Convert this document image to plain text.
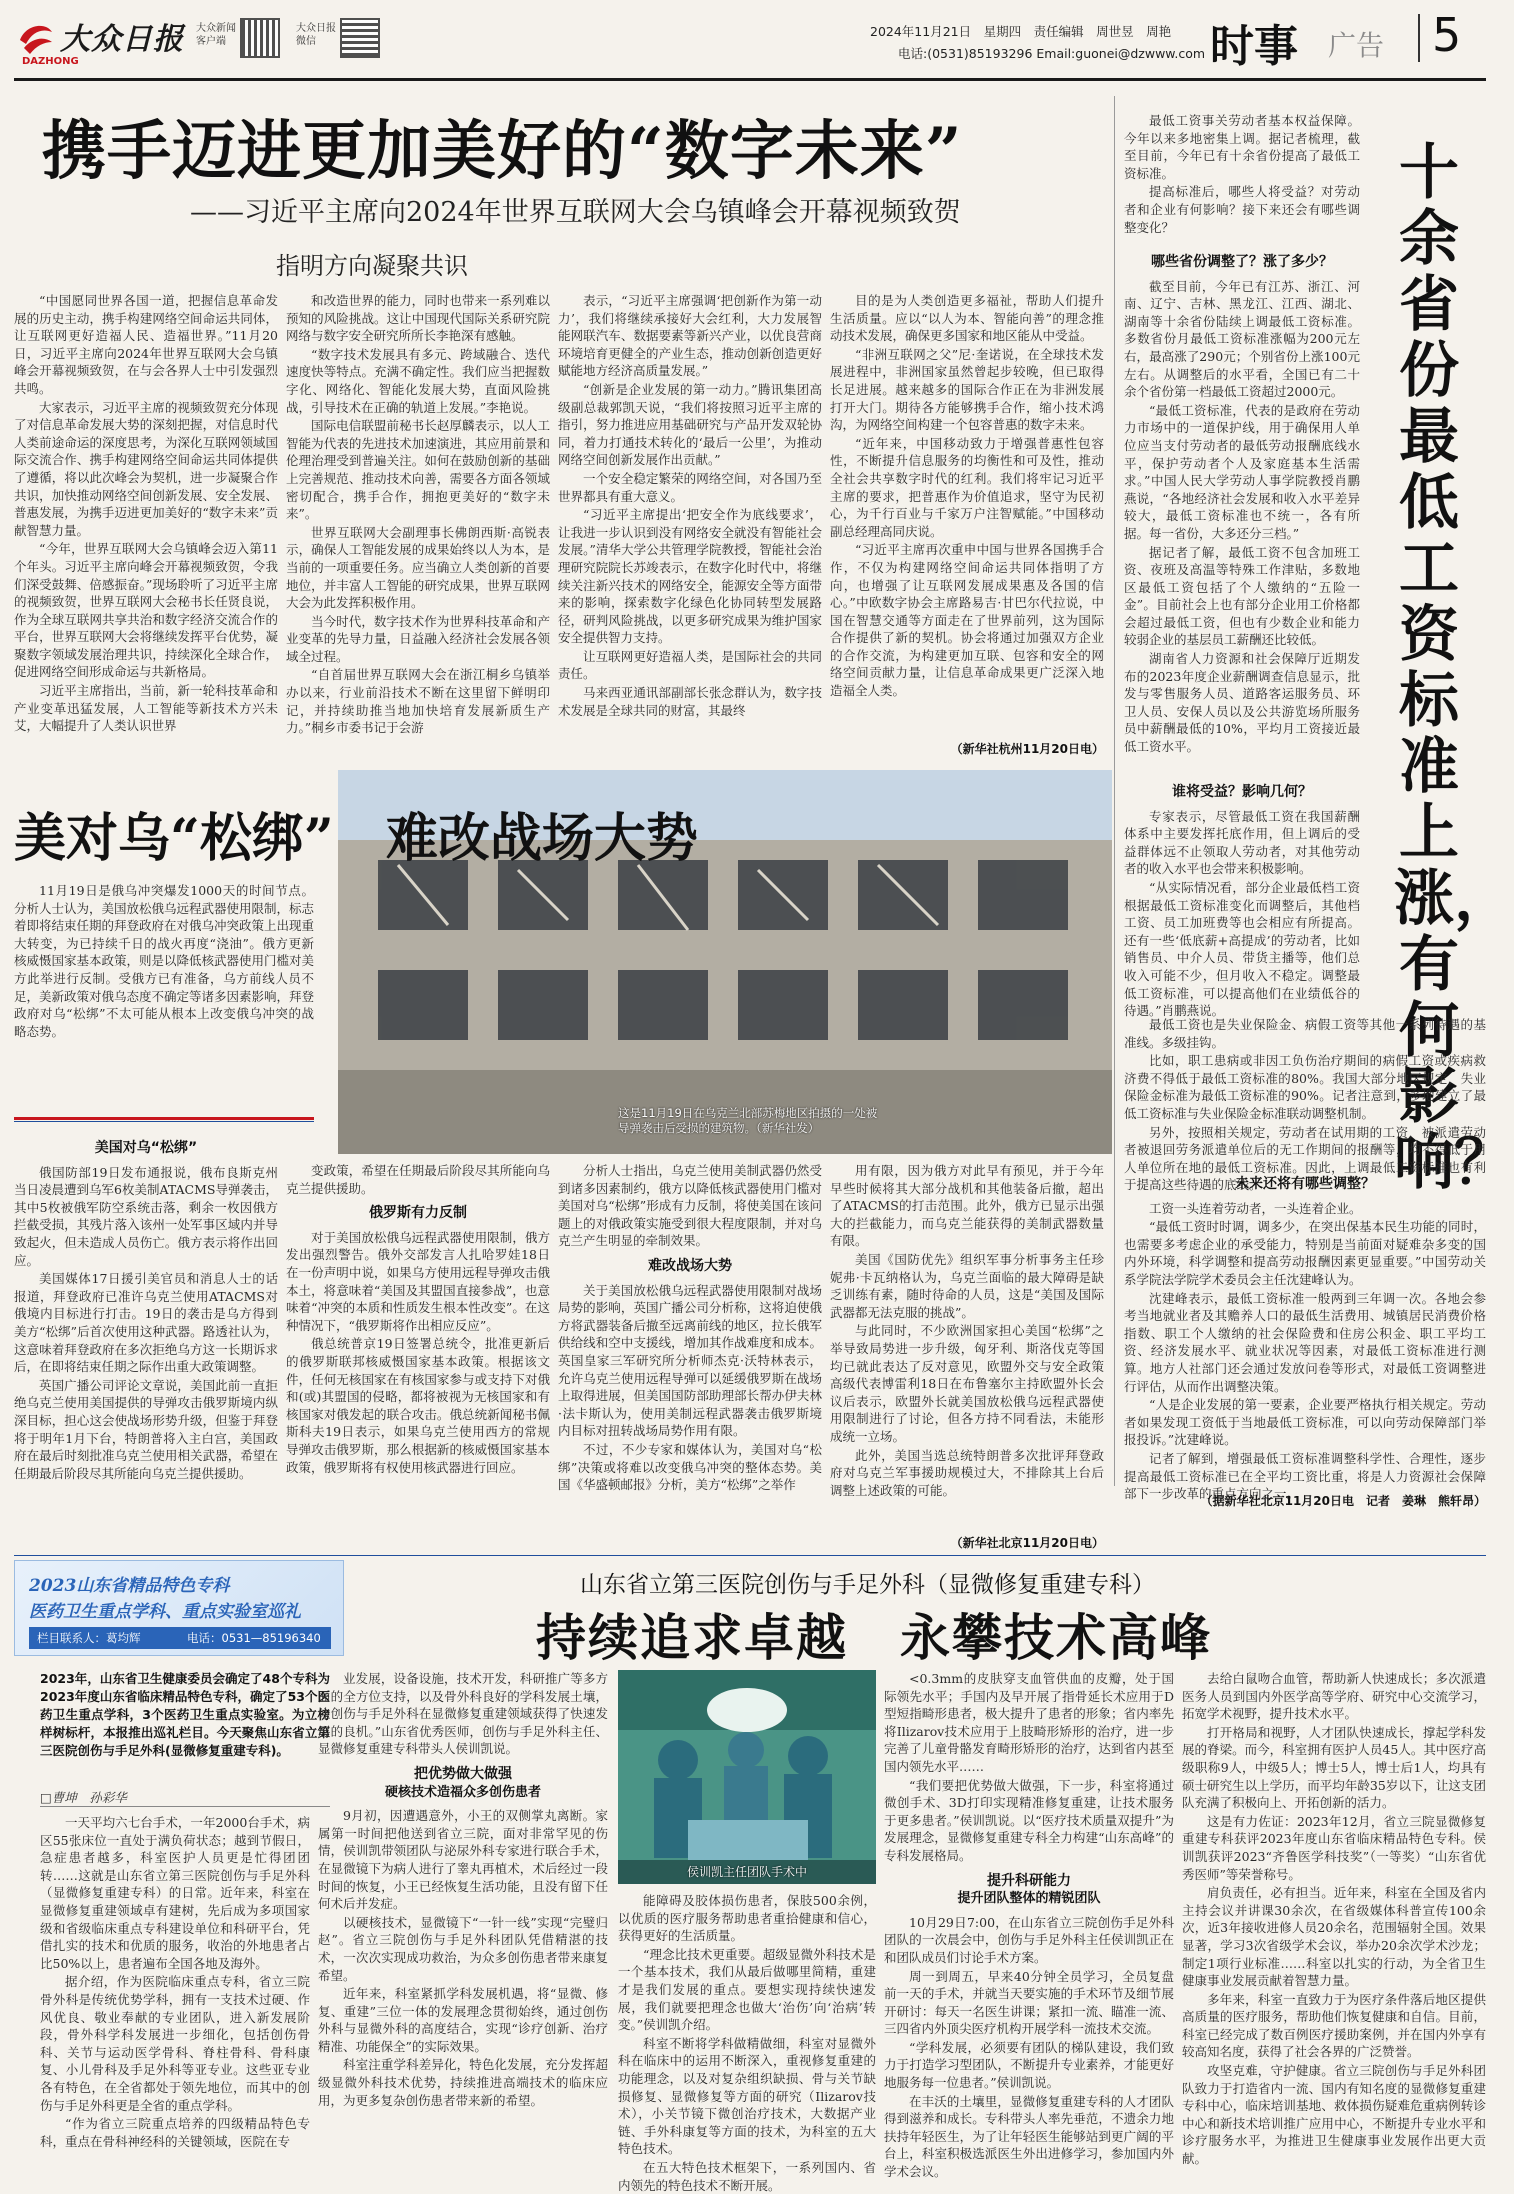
大众日报
DAZHONG
大众新闻客户端
大众日报微信
2024年11月21日　星期四　责任编辑　周世昱　周艳
电话:(0531)85193296 Email:guonei@dzwww.com 时事 广告 5
携手迈进更加美好的“数字未来”
——习近平主席向2024年世界互联网大会乌镇峰会开幕视频致贺
指明方向凝聚共识

“中国愿同世界各国一道，把握信息革命发展的历史主动，携手构建网络空间命运共同体，让互联网更好造福人民、造福世界。”11月20日，习近平主席向2024年世界互联网大会乌镇峰会开幕视频致贺，在与会各界人士中引发强烈共鸣。

大家表示，习近平主席的视频致贺充分体现了对信息革命发展大势的深刻把握，对信息时代人类前途命运的深度思考，为深化互联网领域国际交流合作、携手构建网络空间命运共同体提供了遵循，将以此次峰会为契机，进一步凝聚合作共识，加快推动网络空间创新发展、安全发展、普惠发展，为携手迈进更加美好的“数字未来”贡献智慧力量。

“今年，世界互联网大会乌镇峰会迈入第11个年头。习近平主席向峰会开幕视频致贺，令我们深受鼓舞、倍感振奋。”现场聆听了习近平主席的视频致贺，世界互联网大会秘书长任贤良说，作为全球互联网共享共治和数字经济交流合作的平台，世界互联网大会将继续发挥平台优势，凝聚数字领域发展治理共识，持续深化全球合作，促进网络空间形成命运与共新格局。

习近平主席指出，当前，新一轮科技革命和产业变革迅猛发展，人工智能等新技术方兴未艾，大幅提升了人类认识世界

和改造世界的能力，同时也带来一系列难以预知的风险挑战。这让中国现代国际关系研究院网络与数字安全研究所所长李艳深有感触。

“数字技术发展具有多元、跨域融合、迭代速度快等特点。充满不确定性。我们应当把握数字化、网络化、智能化发展大势，直面风险挑战，引导技术在正确的轨道上发展。”李艳说。

国际电信联盟前秘书长赵厚麟表示，以人工智能为代表的先进技术加速演进，其应用前景和伦理治理受到普遍关注。如何在鼓励创新的基础上完善规范、推动技术向善，需要各方面各领域密切配合，携手合作，拥抱更美好的“数字未来”。

世界互联网大会副理事长佛朗西斯·高锐表示，确保人工智能发展的成果始终以人为本，是当前的一项重要任务。应当确立人类创新的首要地位，并丰富人工智能的研究成果，世界互联网大会为此发挥积极作用。

当今时代，数字技术作为世界科技革命和产业变革的先导力量，日益融入经济社会发展各领域全过程。

“自首届世界互联网大会在浙江桐乡乌镇举办以来，行业前沿技术不断在这里留下鲜明印记，并持续助推当地加快培育发展新质生产力。”桐乡市委书记于会游

表示，“习近平主席强调‘把创新作为第一动力’，我们将继续承接好大会红利，大力发展智能网联汽车、数据要素等新兴产业，以优良营商环境培育更健全的产业生态，推动创新创造更好赋能地方经济高质量发展。”

“创新是企业发展的第一动力。”腾讯集团高级副总裁郭凯天说，“我们将按照习近平主席的指引，努力推进应用基础研究与产品开发双轮协同，着力打通技术转化的‘最后一公里’，为推动网络空间创新发展作出贡献。”

一个安全稳定繁荣的网络空间，对各国乃至世界都具有重大意义。

“习近平主席提出‘把安全作为底线要求’，让我进一步认识到没有网络安全就没有智能社会发展。”清华大学公共管理学院教授，智能社会治理研究院院长苏竣表示，在数字化时代中，将继续关注新兴技术的网络安全，能源安全等方面带来的影响，探索数字化绿色化协同转型发展路径，研判风险挑战，以更多研究成果为维护国家安全提供智力支持。

让互联网更好造福人类，是国际社会的共同责任。

马来西亚通讯部副部长张念群认为，数字技术发展是全球共同的财富，其最终

目的是为人类创造更多福祉，帮助人们提升生活质量。应以“以人为本、智能向善”的理念推动技术发展，确保更多国家和地区能从中受益。

“非洲互联网之父”尼·奎诺说，在全球技术发展进程中，非洲国家虽然曾起步较晚，但已取得长足进展。越来越多的国际合作正在为非洲发展打开大门。期待各方能够携手合作，缩小技术鸿沟，为网络空间构建一个包容普惠的数字未来。

“近年来，中国移动致力于增强普惠性包容性，不断提升信息服务的均衡性和可及性，推动全社会共享数字时代的红利。我们将牢记习近平主席的要求，把普惠作为价值追求，坚守为民初心，为千行百业与千家万户注智赋能。”中国移动副总经理高同庆说。

“习近平主席再次重申中国与世界各国携手合作，不仅为构建网络空间命运共同体指明了方向，也增强了让互联网发展成果惠及各国的信心。”中欧数字协会主席路易吉·甘巴尔代拉说，中国在智慧交通等方面走在了世界前列，这为国际合作提供了新的契机。协会将通过加强双方企业的合作交流，为构建更加互联、包容和安全的网络空间贡献力量，让信息革命成果更广泛深入地造福全人类。

（新华社杭州11月20日电）

最低工资事关劳动者基本权益保障。今年以来多地密集上调。据记者梳理，截至目前，今年已有十余省份提高了最低工资标准。

提高标准后，哪些人将受益？对劳动者和企业有何影响？接下来还会有哪些调整变化？

十余省份最低工资标准上涨，有何影响？
哪些省份调整了？涨了多少？

截至目前，今年已有江苏、浙江、河南、辽宁、吉林、黑龙江、江西、湖北、湖南等十余省份陆续上调最低工资标准。多数省份月最低工资标准涨幅为200元左右，最高涨了290元；个别省份上涨100元左右。从调整后的水平看，全国已有二十余个省份第一档最低工资超过2000元。

“最低工资标准，代表的是政府在劳动力市场中的一道保护线，用于确保用人单位应当支付劳动者的最低劳动报酬底线水平，保护劳动者个人及家庭基本生活需求。”中国人民大学劳动人事学院教授肖鹏燕说，“各地经济社会发展和收入水平差异较大，最低工资标准也不统一，各有所据。每一省份，大多还分三档。”

据记者了解，最低工资不包含加班工资、夜班及高温等特殊工作津贴，多数地区最低工资包括了个人缴纳的“五险一金”。目前社会上也有部分企业用工价格都会超过最低工资，但也有少数企业和能力较弱企业的基层员工薪酬还比较低。

湖南省人力资源和社会保障厅近期发布的2023年度企业薪酬调查信息显示，批发与零售服务人员、道路客运服务员、环卫人员、安保人员以及公共游览场所服务员中薪酬最低的10%，平均月工资接近最低工资水平。

谁将受益？影响几何？

专家表示，尽管最低工资在我国薪酬体系中主要发挥托底作用，但上调后的受益群体远不止领取人劳动者，对其他劳动者的收入水平也会带来积极影响。

“从实际情况看，部分企业最低档工资根据最低工资标准变化而调整后，其他档工资、员工加班费等也会相应有所提高。还有一些‘低底薪+高提成’的劳动者，比如销售员、中介人员、带货主播等，他们总收入可能不少，但月收入不稳定。调整最低工资标准，可以提高他们在业绩低谷的待遇。”肖鹏燕说。

最低工资也是失业保险金、病假工资等其他一系列待遇的基准线。多级挂钩。

比如，职工患病或非因工负伤治疗期间的病假工资或疾病救济费不得低于最低工资标准的80%。我国大部分地区规定，失业保险金标准为最低工资标准的90%。记者注意到，多地建立了最低工资标准与失业保险金标准联动调整机制。

另外，按照相关规定，劳动者在试用期的工资，被派遣劳动者被退回劳务派遣单位后的无工作期间的报酬等，均不得低于用人单位所在地的最低工资标准。因此，上调最低工资标准也有利于提高这些待遇的底线。

未来还将有哪些调整？

工资一头连着劳动者，一头连着企业。

“最低工资时时调，调多少，在突出保基本民生功能的同时，也需要多考虑企业的承受能力，特别是当前面对疑难杂多变的国内外环境，科学调整和提高劳动报酬因素更显重要。”中国劳动关系学院法学院学术委员会主任沈建峰认为。

沈建峰表示，最低工资标准一般两到三年调一次。各地会参考当地就业者及其赡养人口的最低生活费用、城镇居民消费价格指数、职工个人缴纳的社会保险费和住房公积金、职工平均工资、经济发展水平、就业状况等因素，对最低工资标准进行测算。地方人社部门还会通过发放问卷等形式，对最低工资调整进行评估，从而作出调整决策。

“人是企业发展的第一要素，企业要严格执行相关规定。劳动者如果发现工资低于当地最低工资标准，可以向劳动保障部门举报投诉。”沈建峰说。

记者了解到，增强最低工资标准调整科学性、合理性，逐步提高最低工资标准已在全平均工资比重，将是人力资源社会保障部下一步改革的重点方向之一。

（据新华社北京11月20日电　记者　姜琳　熊轩昂）
美对乌“松绑”　难改战场大势

11月19日是俄乌冲突爆发1000天的时间节点。分析人士认为，美国放松俄乌远程武器使用限制，标志着即将结束任期的拜登政府在对俄乌冲突政策上出现重大转变，为已持续千日的战火再度“浇油”。俄方更新核威慑国家基本政策，则是以降低核武器使用门槛对美方此举进行反制。受俄方已有准备，乌方前线人员不足，美新政策对俄乌态度不确定等诸多因素影响，拜登政府对乌“松绑”不太可能从根本上改变俄乌冲突的战略态势。

这是11月19日在乌克兰北部苏梅地区拍摄的一处被导弹袭击后受损的建筑物。（新华社发）
美国对乌“松绑”

俄国防部19日发布通报说，俄布良斯克州当日凌晨遭到乌军6枚美制ATACMS导弹袭击，其中5枚被俄军防空系统击落，剩余一枚因俄方拦截受损，其残片落入该州一处军事区域内并导致起火，但未造成人员伤亡。俄方表示将作出回应。

美国媒体17日援引美官员和消息人士的话报道，拜登政府已准许乌克兰使用ATACMS对俄境内目标进行打击。19日的袭击是乌方得到美方“松绑”后首次使用这种武器。路透社认为，这意味着拜登政府在多次拒绝乌方这一长期诉求后，在即将结束任期之际作出重大政策调整。

英国广播公司评论文章说，美国此前一直拒绝乌克兰使用美国提供的导弹攻击俄罗斯境内纵深目标，担心这会使战场形势升级，但鉴于拜登将于明年1月下台，特朗普将入主白宫，美国政府在最后时刻批准乌克兰使用相关武器，希望在任期最后阶段尽其所能向乌克兰提供援助。

变政策，希望在任期最后阶段尽其所能向乌克兰提供援助。

俄罗斯有力反制

对于美国放松俄乌远程武器使用限制，俄方发出强烈警告。俄外交部发言人扎哈罗娃18日在一份声明中说，如果乌方使用远程导弹攻击俄本土，将意味着“美国及其盟国直接参战”，也意味着“冲突的本质和性质发生根本性改变”。在这种情况下，“俄罗斯将作出相应反应”。

俄总统普京19日签署总统令，批准更新后的俄罗斯联邦核威慑国家基本政策。根据该文件，任何无核国家在有核国家参与或支持下对俄和(或)其盟国的侵略，都将被视为无核国家和有核国家对俄发起的联合攻击。俄总统新闻秘书佩斯科夫19日表示，如果乌克兰使用西方的常规导弹攻击俄罗斯，那么根据新的核威慑国家基本政策，俄罗斯将有权使用核武器进行回应。

分析人士指出，乌克兰使用美制武器仍然受到诸多因素制约，俄方以降低核武器使用门槛对美国对乌“松绑”形成有力反制，将使美国在该问题上的对俄政策实施受到很大程度限制，并对乌克兰产生明显的牵制效果。

难改战场大势

关于美国放松俄乌远程武器使用限制对战场局势的影响，英国广播公司分析称，这将迫使俄方将武器装备后撤至远离前线的地区，拉长俄军供给线和空中支援线，增加其作战难度和成本。英国皇家三军研究所分析师杰克·沃特林表示，允许乌克兰使用远程导弹可以延缓俄罗斯在战场上取得进展，但美国国防部助理部长帮办伊夫林·法卡斯认为，使用美制远程武器袭击俄罗斯境内目标对扭转战场局势作用有限。

不过，不少专家和媒体认为，美国对乌“松绑”决策或将难以改变俄乌冲突的整体态势。美国《华盛顿邮报》分析，美方“松绑”之举作

用有限，因为俄方对此早有预见，并于今年早些时候将其大部分战机和其他装备后撤，超出了ATACMS的打击范围。此外，俄方已显示出强大的拦截能力，而乌克兰能获得的美制武器数量有限。

美国《国防优先》组织军事分析事务主任珍妮弗·卡瓦纳格认为，乌克兰面临的最大障碍是缺乏训练有素，随时待命的人员，这是“美国及国际武器都无法克服的挑战”。

与此同时，不少欧洲国家担心美国“松绑”之举导致局势进一步升级，匈牙利、斯洛伐克等国均已就此表达了反对意见，欧盟外交与安全政策高级代表博雷利18日在布鲁塞尔主持欧盟外长会议后表示，欧盟外长就美国放松俄乌远程武器使用限制进行了讨论，但各方持不同看法，未能形成统一立场。

此外，美国当选总统特朗普多次批评拜登政府对乌克兰军事援助规模过大，不排除其上台后调整上述政策的可能。

（新华社北京11月20日电）
2023山东省精品特色专科
医药卫生重点学科、重点实验室巡礼
栏目联系人：葛均辉	电话：0531—85196340
山东省立第三医院创伤与手足外科（显微修复重建专科）
持续追求卓越　永攀技术高峰
2023年，山东省卫生健康委员会确定了48个专科为2023年度山东省临床精品特色专科，确定了53个医药卫生重点学科，3个医药卫生重点实验室。为立榜样树标杆，本报推出巡礼栏目。今天聚焦山东省立第三医院创伤与手足外科(显微修复重建专科)。
□曹坤　孙彩华
侯训凯主任团队手术中

一天平均六七台手术，一年2000台手术，病区55张床位一直处于满负荷状态；越到节假日，急症患者越多，科室医护人员更是忙得团团转……这就是山东省立第三医院创伤与手足外科（显微修复重建专科）的日常。近年来，科室在显微修复重建领域卓有建树，先后成为多项国家级和省级临床重点专科建设单位和科研平台，凭借扎实的技术和优质的服务，收治的外地患者占比50%以上，患者遍布全国各地及海外。

据介绍，作为医院临床重点专科，省立三院骨外科是传统优势学科，拥有一支技术过硬、作风优良、敬业奉献的专业团队，进入新发展阶段，骨外科学科发展进一步细化，包括创伤骨科、关节与运动医学骨科、脊柱骨科、骨科康复、小儿骨科及手足外科等亚专业。这些亚专业各有特色，在全省都处于领先地位，而其中的创伤与手足外科更是全省的重点学科。

“作为省立三院重点培养的四级精品特色专科，重点在骨科神经科的关键领域，医院在专

业发展，设备设施，技术开发，科研推广等多方面的全方位支持，以及骨外科良好的学科发展土壤，让创伤与手足外科在显微修复重建领域获得了快速发展的良机。”山东省优秀医师，创伤与手足外科主任、显微修复重建专科带头人侯训凯说。

把优势做大做强
硬核技术造福众多创伤患者

9月初，因遭遇意外，小王的双侧掌丸离断。家属第一时间把他送到省立三院，面对非常罕见的伤情，侯训凯带领团队与泌尿外科专家进行联合手术，在显微镜下为病人进行了睾丸再植术，术后经过一段时间的恢复，小王已经恢复生活功能，且没有留下任何术后并发症。

以硬核技术，显微镜下“一针一线”实现“完璧归赵”。省立三院创伤与手足外科团队凭借精湛的技术，一次次实现成功救治，为众多创伤患者带来康复希望。

近年来，科室紧抓学科发展机遇，将“显微、修复、重建”三位一体的发展理念贯彻始终，通过创伤外科与显微外科的高度结合，实现“诊疗创新、治疗精准、功能保全”的实际效果。

科室注重学科差异化，特色化发展，充分发挥超级显微外科技术优势，持续推进高端技术的临床应用，为更多复杂创伤患者带来新的希望。

能障碍及胶体损伤患者，保肢500余例，以优质的医疗服务帮助患者重拾健康和信心，获得更好的生活质量。

“理念比技术更重要。超级显微外科技术是一个基本技术，我们从最后做哪里简精，重建才是我们发展的重点。要想实现持续快速发展，我们就要把理念也做大‘治伤’向‘治病’转变。”侯训凯介绍。

科室不断将学科做精做细，科室对显微外科在临床中的运用不断深入，重视修复重建的功能理念，以及对复杂组织缺损、骨与关节缺损修复、显微修复等方面的研究（Ilizarov技术），小关节镜下微创治疗技术，大数据产业链、手外科康复等方面的技术，为科室的五大特色技术。

在五大特色技术框架下，一系列国内、省内领先的特色技术不断开展。

<0.3mm的皮肤穿支血管供血的皮瓣，处于国际领先水平；手国内及早开展了指骨延长术应用于D型短指畸形患者，极大提升了患者的形象；省内率先将Ilizarov技术应用于上肢畸形矫形的治疗，进一步完善了儿童骨骼发育畸形矫形的治疗，达到省内甚至国内领先水平……

“我们要把优势做大做强，下一步，科室将通过微创手术、3D打印实现精准修复重建，让技术服务于更多患者。”侯训凯说。以“医疗技术质量双提升”为发展理念，显微修复重建专科全力构建“山东高峰”的专科发展格局。

提升科研能力
提升团队整体的精锐团队

10月29日7:00，在山东省立三院创伤手足外科团队的一次晨会中，创伤与手足外科主任侯训凯正在和团队成员们讨论手术方案。

周一到周五，早来40分钟全员学习，全员复盘前一天的手术，并就当天要实施的手术环节及细节展开研讨：每天一名医生讲课；紧扣一流、瞄准一流、三四省内外顶尖医疗机构开展学科一流技术交流。

“学科发展，必须要有团队的梯队建设，我们致力于打造学习型团队，不断提升专业素养，才能更好地服务每一位患者。”侯训凯说。

在丰沃的土壤里，显微修复重建专科的人才团队得到滋养和成长。专科带头人率先垂范，不遗余力地扶持年轻医生，为了让年轻医生能够站到更广阔的平台上，科室积极选派医生外出进修学习，参加国内外学术会议。

去给白鼠吻合血管，帮助新人快速成长；多次派遣医务人员到国内外医学高等学府、研究中心交流学习，拓宽学术视野，提升技术水平。

打开格局和视野，人才团队快速成长，撑起学科发展的脊梁。而今，科室拥有医护人员45人。其中医疗高级职称9人，中级5人；博士5人，博士后1人，均具有硕士研究生以上学历，而平均年龄35岁以下，让这支团队充满了积极向上、开拓创新的活力。

这是有力佐证：2023年12月，省立三院显微修复重建专科获评2023年度山东省临床精品特色专科。侯训凯获评2023“齐鲁医学科技奖”（一等奖）“山东省优秀医师”等荣誉称号。

肩负责任，必有担当。近年来，科室在全国及省内主持会议并讲课30余次，在省级媒体科普宣传100余次，近3年接收进修人员20余名，范围辐射全国。效果显著，学习3次省级学术会议，举办20余次学术沙龙；制定1项行业标准……科室以扎实的行动，为全省卫生健康事业发展贡献着智慧力量。

多年来，科室一直致力于为医疗条件落后地区提供高质量的医疗服务，帮助他们恢复健康和自信。目前，科室已经完成了数百例医疗援助案例，并在国内外享有较高知名度，获得了社会各界的广泛赞誉。

攻坚克难，守护健康。省立三院创伤与手足外科团队致力于打造省内一流、国内有知名度的显微修复重建专科中心，临床培训基地、救体损伤疑难危重病例转诊中心和新技术培训推广应用中心，不断提升专业水平和诊疗服务水平，为推进卫生健康事业发展作出更大贡献。
